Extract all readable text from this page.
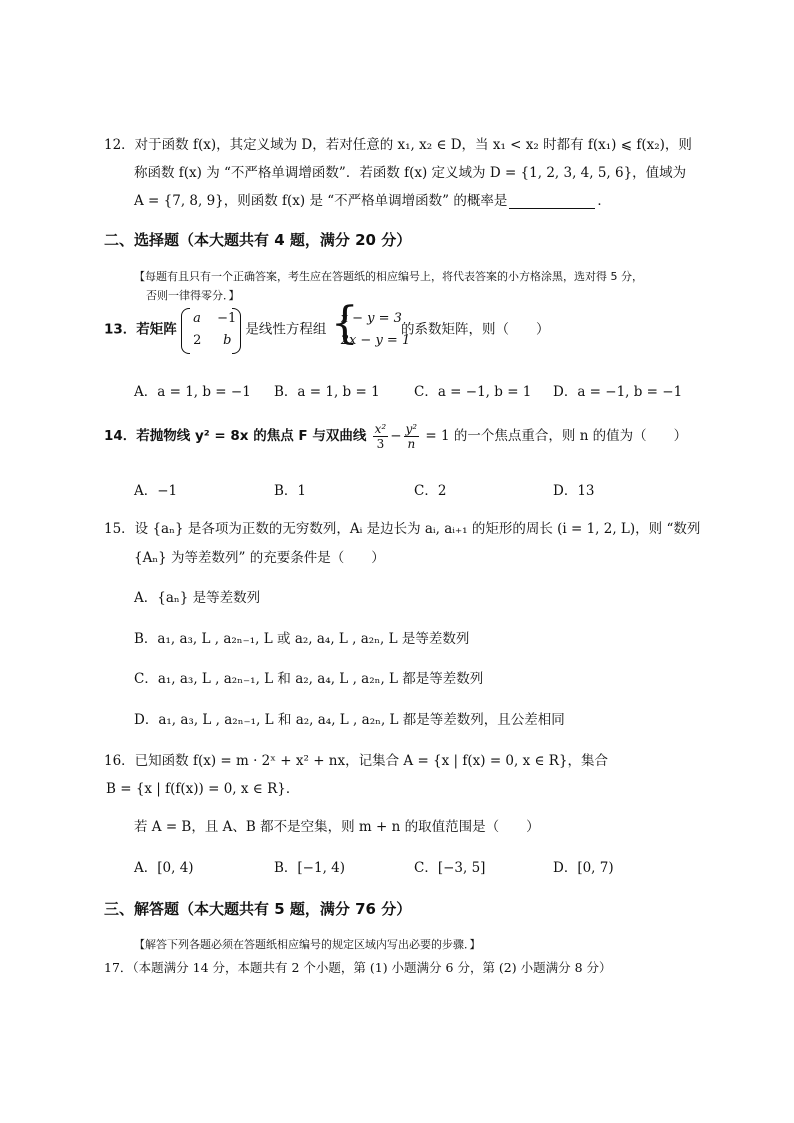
12．对于函数 f(x)，其定义域为 D，若对任意的 x₁, x₂ ∈ D，当 x₁ < x₂ 时都有 f(x₁) ⩽ f(x₂)，则
称函数 f(x) 为 “不严格单调增函数”．若函数 f(x) 定义域为 D = {1, 2, 3, 4, 5, 6}，值域为
A = {7, 8, 9}，则函数 f(x) 是 “不严格单调增函数” 的概率是	．
二、选择题（本大题共有 4 题，满分 20 分）
【每题有且只有一个正确答案，考生应在答题纸的相应编号上，将代表答案的小方格涂黑，选对得 5 分，
否则一律得零分．】
13．若矩阵
a −1
2 b
是线性方程组 {
x − y = 3
2x − y = 1
的系数矩阵，则（　　）
A．a = 1, b = −1 B．a = 1, b = 1	C．a = −1, b = 1 D．a = −1, b = −1
14．若抛物线 y² = 8x 的焦点 F 与双曲线 $\frac{\text{x²}}{3} - \frac{\text{y²}}{n} = 1$ 的一个焦点重合，则 n 的值为（　　）
A．−1	B．1	C．2	D．13
15．设 {aₙ} 是各项为正数的无穷数列，Aᵢ 是边长为 aᵢ, aᵢ₊₁ 的矩形的周长 (i = 1, 2, L)，则 “数列
{Aₙ} 为等差数列” 的充要条件是（　　）
A．{aₙ} 是等差数列
B．a₁, a₃, L , a₂ₙ₋₁, L 或 a₂, a₄, L , a₂ₙ, L 是等差数列
C．a₁, a₃, L , a₂ₙ₋₁, L 和 a₂, a₄, L , a₂ₙ, L 都是等差数列
D．a₁, a₃, L , a₂ₙ₋₁, L 和 a₂, a₄, L , a₂ₙ, L 都是等差数列，且公差相同
16．已知函数 f(x) = m · 2ˣ + x² + nx，记集合 A = {x | f(x) = 0, x ∈ R}，集合
B = {x | f(f(x)) = 0, x ∈ R}．
若 A = B，且 A、B 都不是空集，则 m + n 的取值范围是（　　）
A．[0, 4)	B．[−1, 4)	C．[−3, 5]	D．[0, 7)
三、解答题（本大题共有 5 题，满分 76 分）
【解答下列各题必须在答题纸相应编号的规定区域内写出必要的步骤．】
17．（本题满分 14 分，本题共有 2 个小题，第 (1) 小题满分 6 分，第 (2) 小题满分 8 分）
